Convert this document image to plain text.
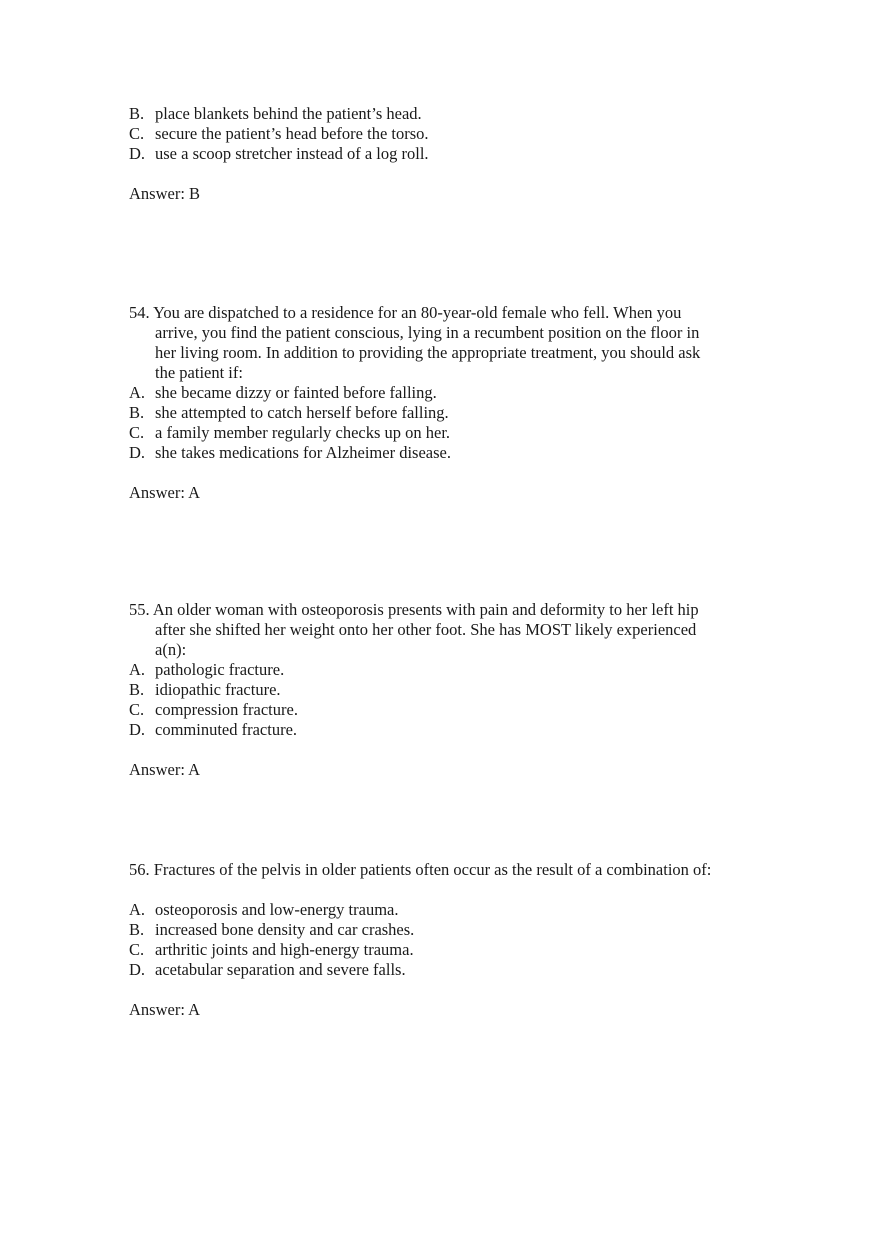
B. place blankets behind the patient’s head.
C. secure the patient’s head before the torso.
D. use a scoop stretcher instead of a log roll.
Answer: B
54. You are dispatched to a residence for an 80-year-old female who fell. When you
arrive, you find the patient conscious, lying in a recumbent position on the floor in
her living room. In addition to providing the appropriate treatment, you should ask
the patient if:
A. she became dizzy or fainted before falling.
B. she attempted to catch herself before falling.
C. a family member regularly checks up on her.
D. she takes medications for Alzheimer disease.
Answer: A
55. An older woman with osteoporosis presents with pain and deformity to her left hip
after she shifted her weight onto her other foot. She has MOST likely experienced
a(n):
A. pathologic fracture.
B. idiopathic fracture.
C. compression fracture.
D. comminuted fracture.
Answer: A
56. Fractures of the pelvis in older patients often occur as the result of a combination of:
A. osteoporosis and low-energy trauma.
B. increased bone density and car crashes.
C. arthritic joints and high-energy trauma.
D. acetabular separation and severe falls.
Answer: A
